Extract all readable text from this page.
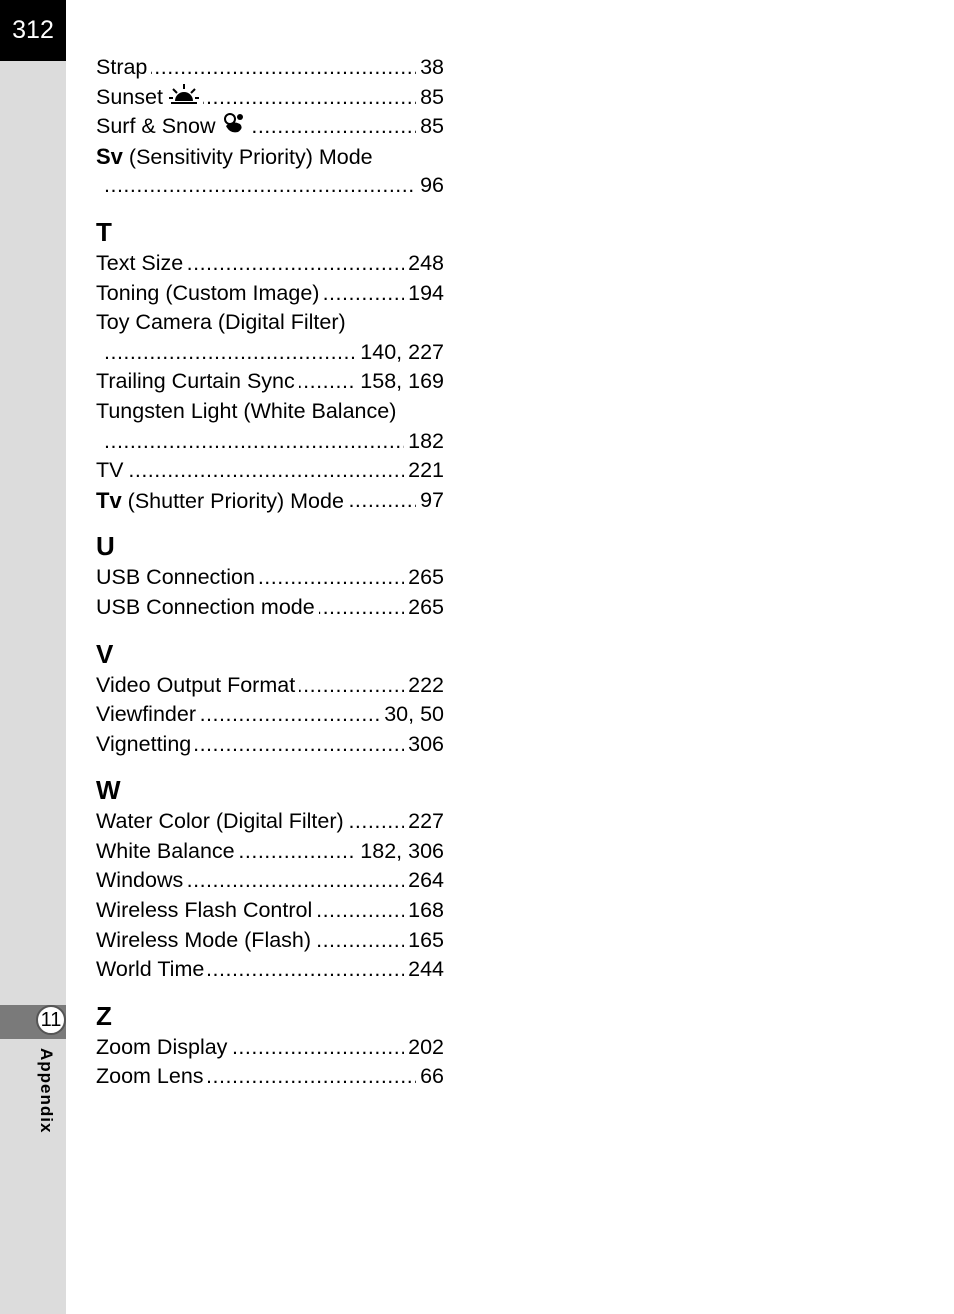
312
11
Appendix
..... Strap	38
..... Sunset	85
..... Surf & Snow	85
Sv (Sensitivity Priority) Mode
..... 96
T
..... Text Size	248
..... Toning (Custom Image)	194
Toy Camera (Digital Filter)
..... 140, 227
..... Trailing Curtain Sync	158, 169
Tungsten Light (White Balance)
..... 182
..... TV	221
..... Tv (Shutter Priority) Mode	97
U
..... USB Connection	265
..... USB Connection mode	265
V
..... Video Output Format	222
..... Viewfinder	30, 50
..... Vignetting	306
W
..... Water Color (Digital Filter)	227
..... White Balance	182, 306
..... Windows	264
..... Wireless Flash Control	168
..... Wireless Mode (Flash)	165
..... World Time	244
Z
..... Zoom Display	202
..... Zoom Lens	66
